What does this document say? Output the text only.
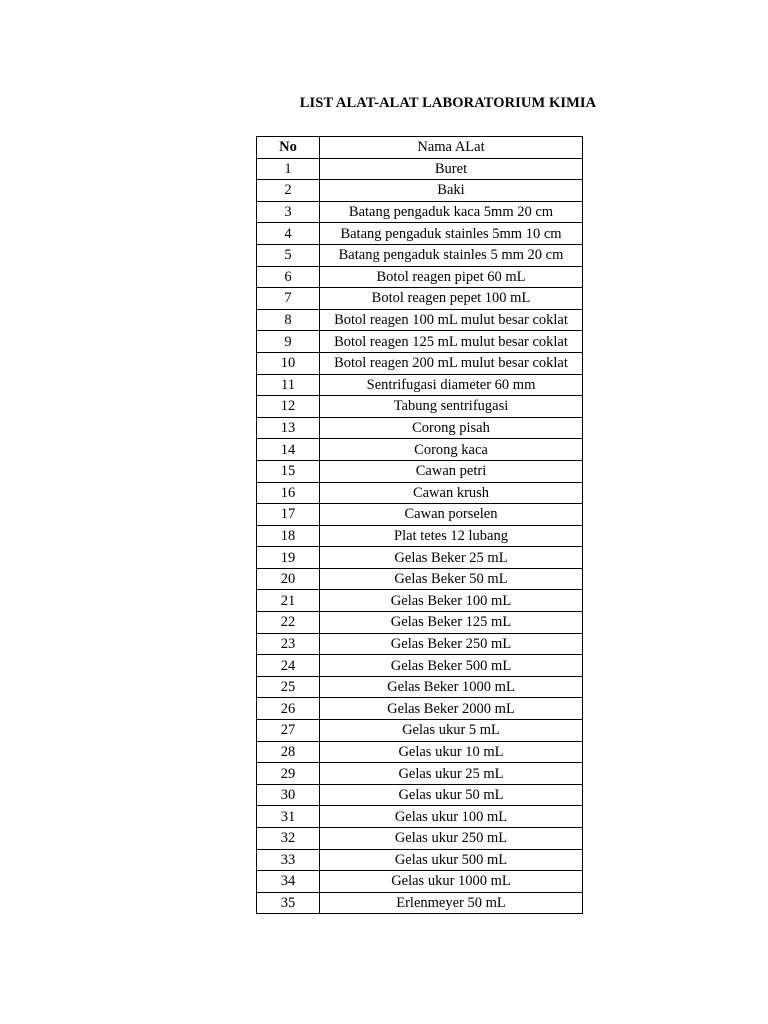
LIST ALAT-ALAT LABORATORIUM KIMIA
No	Nama ALat
1	Buret
2	Baki
3	Batang pengaduk kaca 5mm 20 cm
4	Batang pengaduk stainles 5mm 10 cm
5	Batang pengaduk stainles 5 mm 20 cm
6	Botol reagen pipet 60 mL
7	Botol reagen pepet 100 mL
8	Botol reagen 100 mL mulut besar coklat
9	Botol reagen 125 mL mulut besar coklat
10	Botol reagen 200 mL mulut besar coklat
11	Sentrifugasi diameter 60 mm
12	Tabung sentrifugasi
13	Corong pisah
14	Corong kaca
15	Cawan petri
16	Cawan krush
17	Cawan porselen
18	Plat tetes 12 lubang
19	Gelas Beker 25 mL
20	Gelas Beker 50 mL
21	Gelas Beker 100 mL
22	Gelas Beker 125 mL
23	Gelas Beker 250 mL
24	Gelas Beker 500 mL
25	Gelas Beker 1000 mL
26	Gelas Beker 2000 mL
27	Gelas ukur 5 mL
28	Gelas ukur 10 mL
29	Gelas ukur 25 mL
30	Gelas ukur 50 mL
31	Gelas ukur 100 mL
32	Gelas ukur 250 mL
33	Gelas ukur 500 mL
34	Gelas ukur 1000 mL
35	Erlenmeyer 50 mL
